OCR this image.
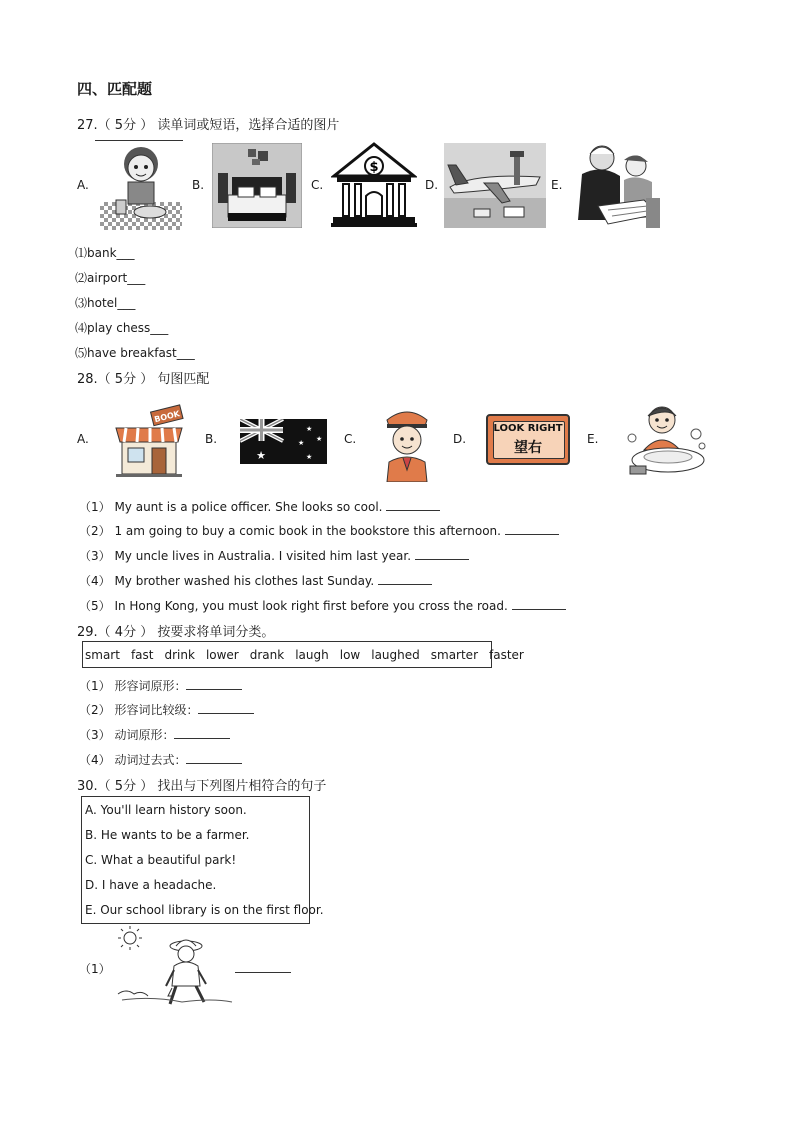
四、匹配题
27.（ 5分 ） 读单词或短语，选择合适的图片
A.	B.	C.
$
D.	E.
⑴bank___
⑵airport___
⑶hotel___
⑷play chess___
⑸have breakfast___
28.（ 5分 ） 句图匹配
A.
BOOK
B.
★
★
★
★
★
C.	D.
LOOK RIGHT
望右
E.
（1） My aunt is a police officer. She looks so cool.
（2） 1 am going to buy a comic book in the bookstore this afternoon.
（3） My uncle lives in Australia. I visited him last year.
（4） My brother washed his clothes last Sunday.
（5） In Hong Kong, you must look right first before you cross the road.
29.（ 4分 ） 按要求将单词分类。
smart fast drink lower drank laugh low laughed smarter faster
（1） 形容词原形：
（2） 形容词比较级：
（3） 动词原形：
（4） 动词过去式：
30.（ 5分 ） 找出与下列图片相符合的句子
A. You'll learn history soon.
B. He wants to be a farmer.
C. What a beautiful park!
D. I have a headache.
E. Our school library is on the first floor.
（1）
